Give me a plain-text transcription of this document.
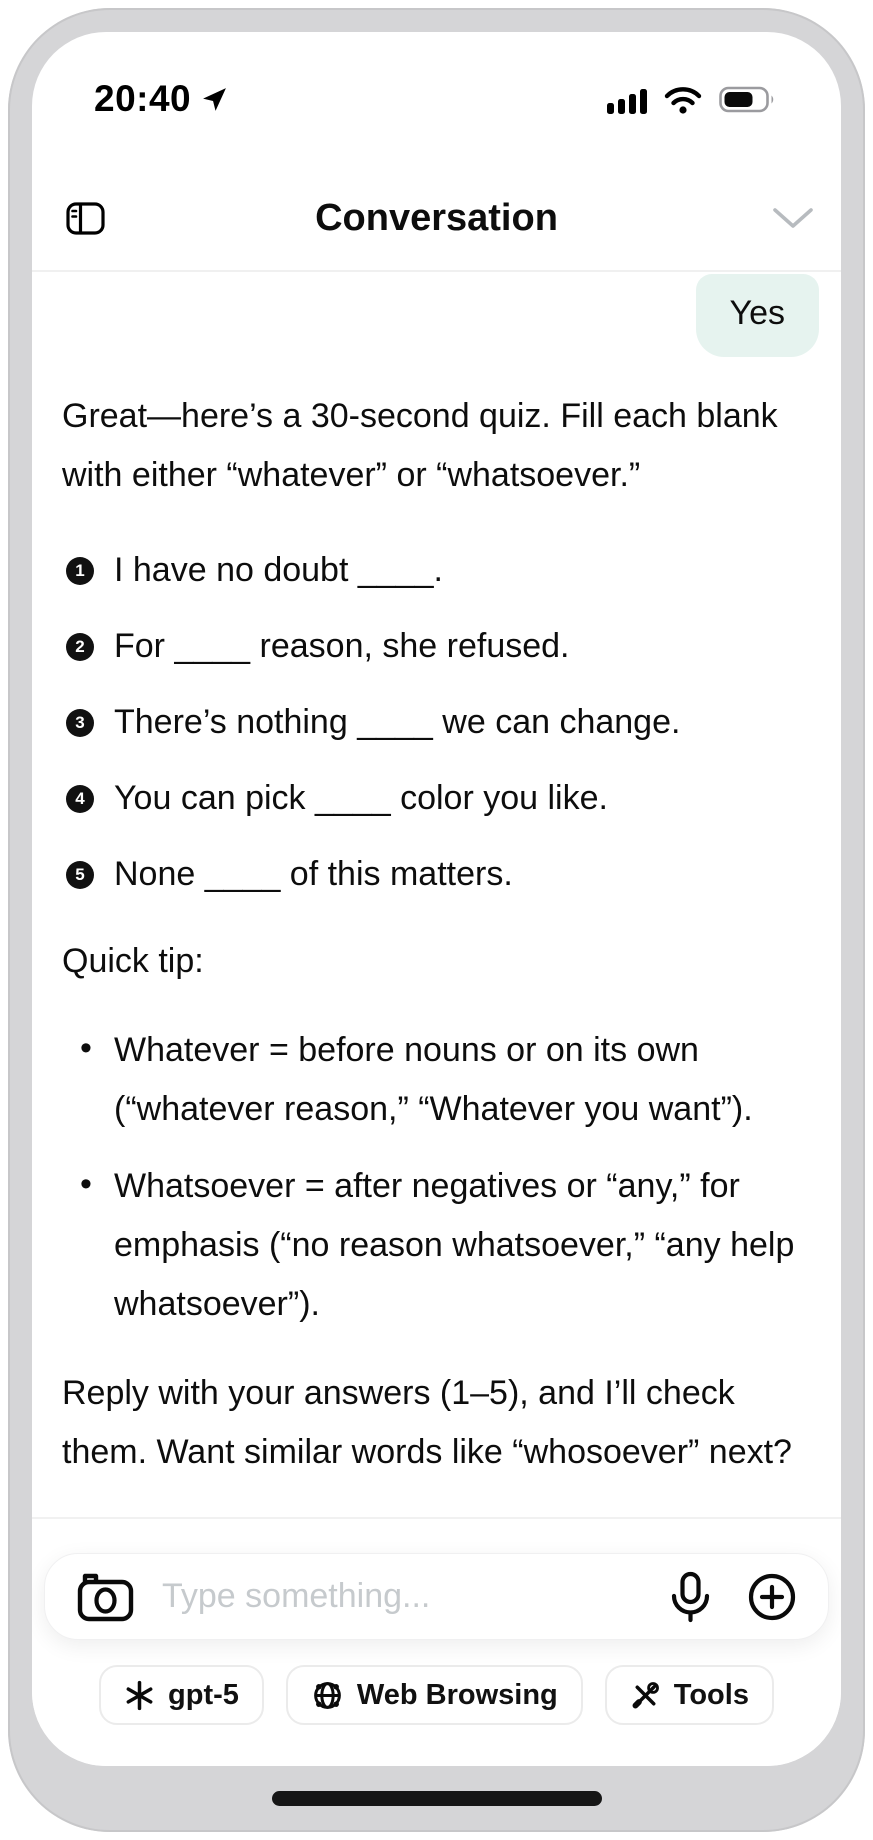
20:40
Conversation
Yes

Great—here’s a 30-second quiz. Fill each blank with either “whatever” or “whatsoever.”

1 I have no doubt ____.
2 For ____ reason, she refused.
3 There’s nothing ____ we can change.
4 You can pick ____ color you like.
5 None ____ of this matters.

Quick tip:

• Whatever = before nouns or on its own (“whatever reason,” “Whatever you want”).
• Whatsoever = after negatives or “any,” for emphasis (“no reason whatsoever,” “any help whatsoever”).

Reply with your answers (1–5), and I’ll check them. Want similar words like “whosoever” next?

Type something...
gpt-5	Web Browsing	Tools
